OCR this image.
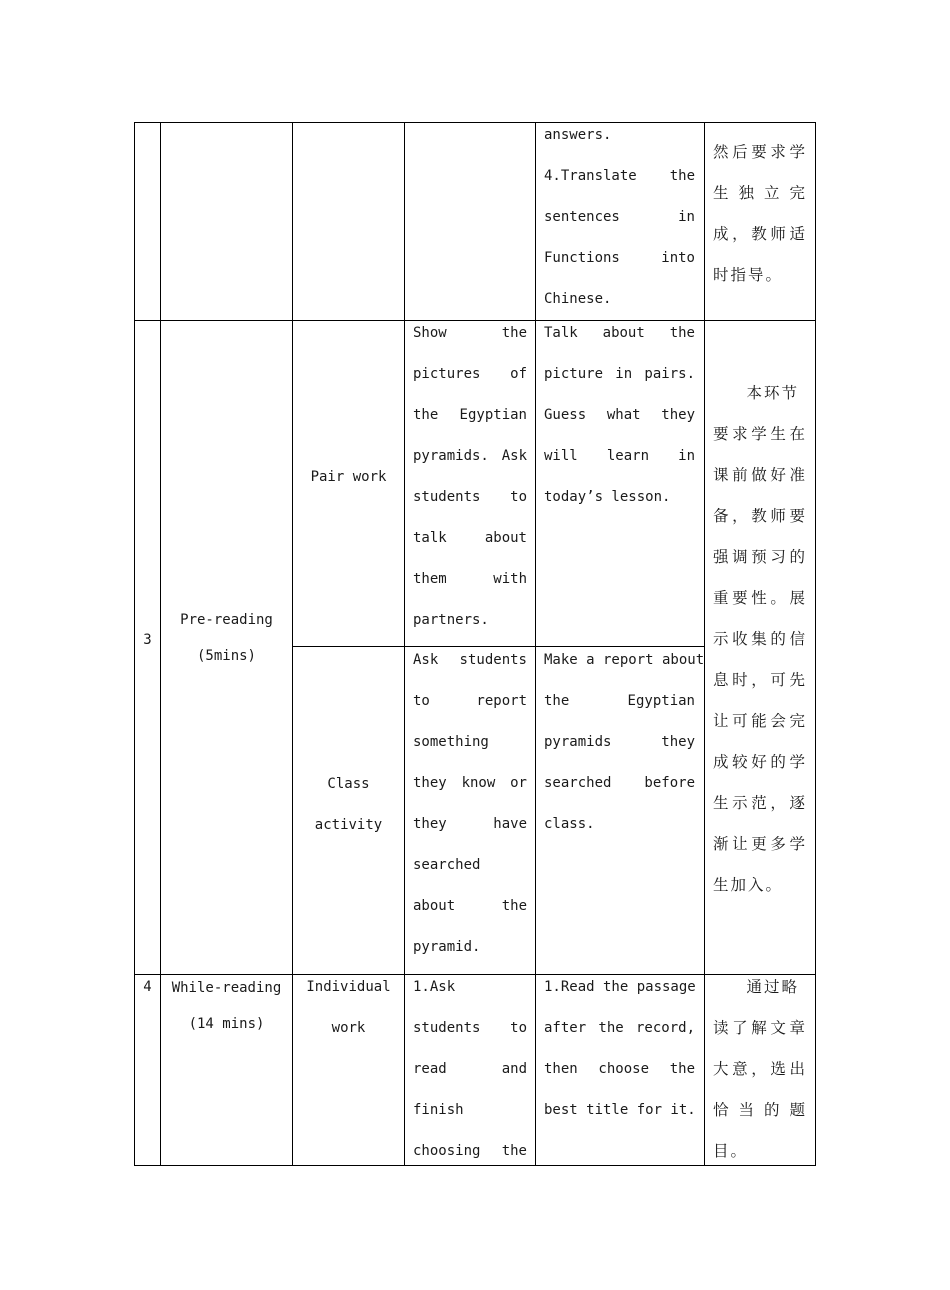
answers.
4.Translate the
sentences in
Functions into
Chinese.
然后要求学
生独立完
成，教师适
时指导。
3
Pre-reading
(5mins)
Pair work
Show the
pictures of
the Egyptian
pyramids. Ask
students to
talk about
them with
partners.
Talk about the
picture in pairs.
Guess what they
will learn in
today’s lesson.
Class
activity
Ask students
to report
something
they know or
they have
searched
about the
pyramid.
Make a report about
the Egyptian
pyramids they
searched before
class.
本环节
要求学生在
课前做好准
备，教师要
强调预习的
重要性。展
示收集的信
息时，可先
让可能会完
成较好的学
生示范，逐
渐让更多学
生加入。
4	While-reading
(14 mins)
Individual
work
1.Ask
students to
read and
finish
choosing the
1.Read the passage
after the record,
then choose the
best title for it.
通过略
读了解文章
大意，选出
恰当的题
目。
